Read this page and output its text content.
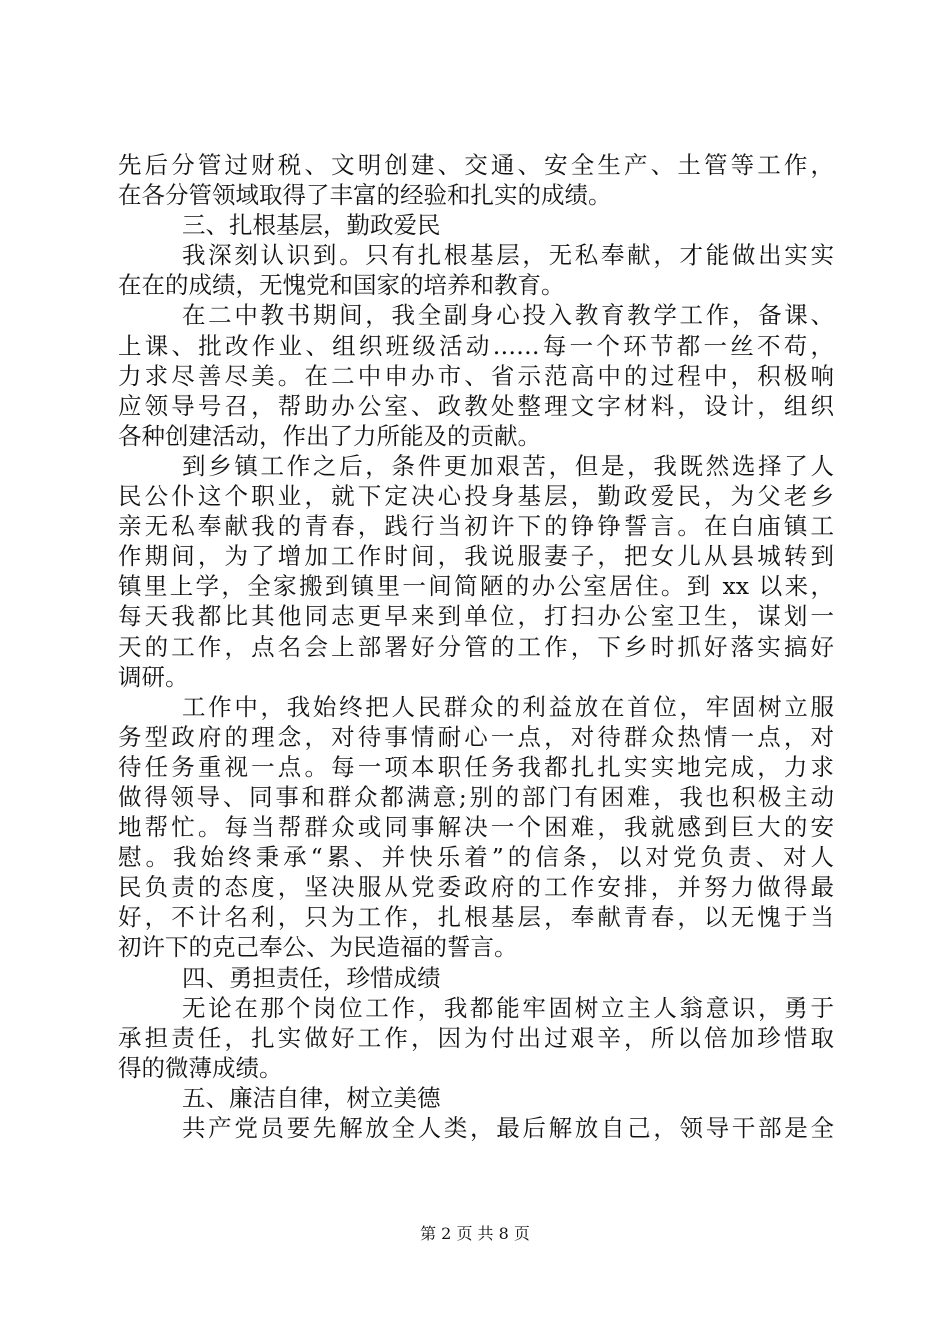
先后分管过财税、文明创建、交通、安全生产、土管等工作，
在各分管领域取得了丰富的经验和扎实的成绩。
三、扎根基层，勤政爱民
我深刻认识到。只有扎根基层，无私奉献，才能做出实实
在在的成绩，无愧党和国家的培养和教育。
在二中教书期间，我全副身心投入教育教学工作，备课、
上课、批改作业、组织班级活动……每一个环节都一丝不苟，
力求尽善尽美。在二中申办市、省示范高中的过程中，积极响
应领导号召，帮助办公室、政教处整理文字材料，设计，组织
各种创建活动，作出了力所能及的贡献。
到乡镇工作之后，条件更加艰苦，但是，我既然选择了人
民公仆这个职业，就下定决心投身基层，勤政爱民，为父老乡
亲无私奉献我的青春，践行当初许下的铮铮誓言。在白庙镇工
作期间，为了增加工作时间，我说服妻子，把女儿从县城转到
镇里上学，全家搬到镇里一间简陋的办公室居住。到 xx 以来，
每天我都比其他同志更早来到单位，打扫办公室卫生，谋划一
天的工作，点名会上部署好分管的工作，下乡时抓好落实搞好
调研。
工作中，我始终把人民群众的利益放在首位，牢固树立服
务型政府的理念，对待事情耐心一点，对待群众热情一点，对
待任务重视一点。每一项本职任务我都扎扎实实地完成，力求
做得领导、同事和群众都满意;别的部门有困难，我也积极主动
地帮忙。每当帮群众或同事解决一个困难，我就感到巨大的安
慰。我始终秉承“累、并快乐着”的信条，以对党负责、对人
民负责的态度，坚决服从党委政府的工作安排，并努力做得最
好，不计名利，只为工作，扎根基层，奉献青春，以无愧于当
初许下的克己奉公、为民造福的誓言。
四、勇担责任，珍惜成绩
无论在那个岗位工作，我都能牢固树立主人翁意识，勇于
承担责任，扎实做好工作，因为付出过艰辛，所以倍加珍惜取
得的微薄成绩。
五、廉洁自律，树立美德
共产党员要先解放全人类，最后解放自己，领导干部是全
第 2 页 共 8 页
